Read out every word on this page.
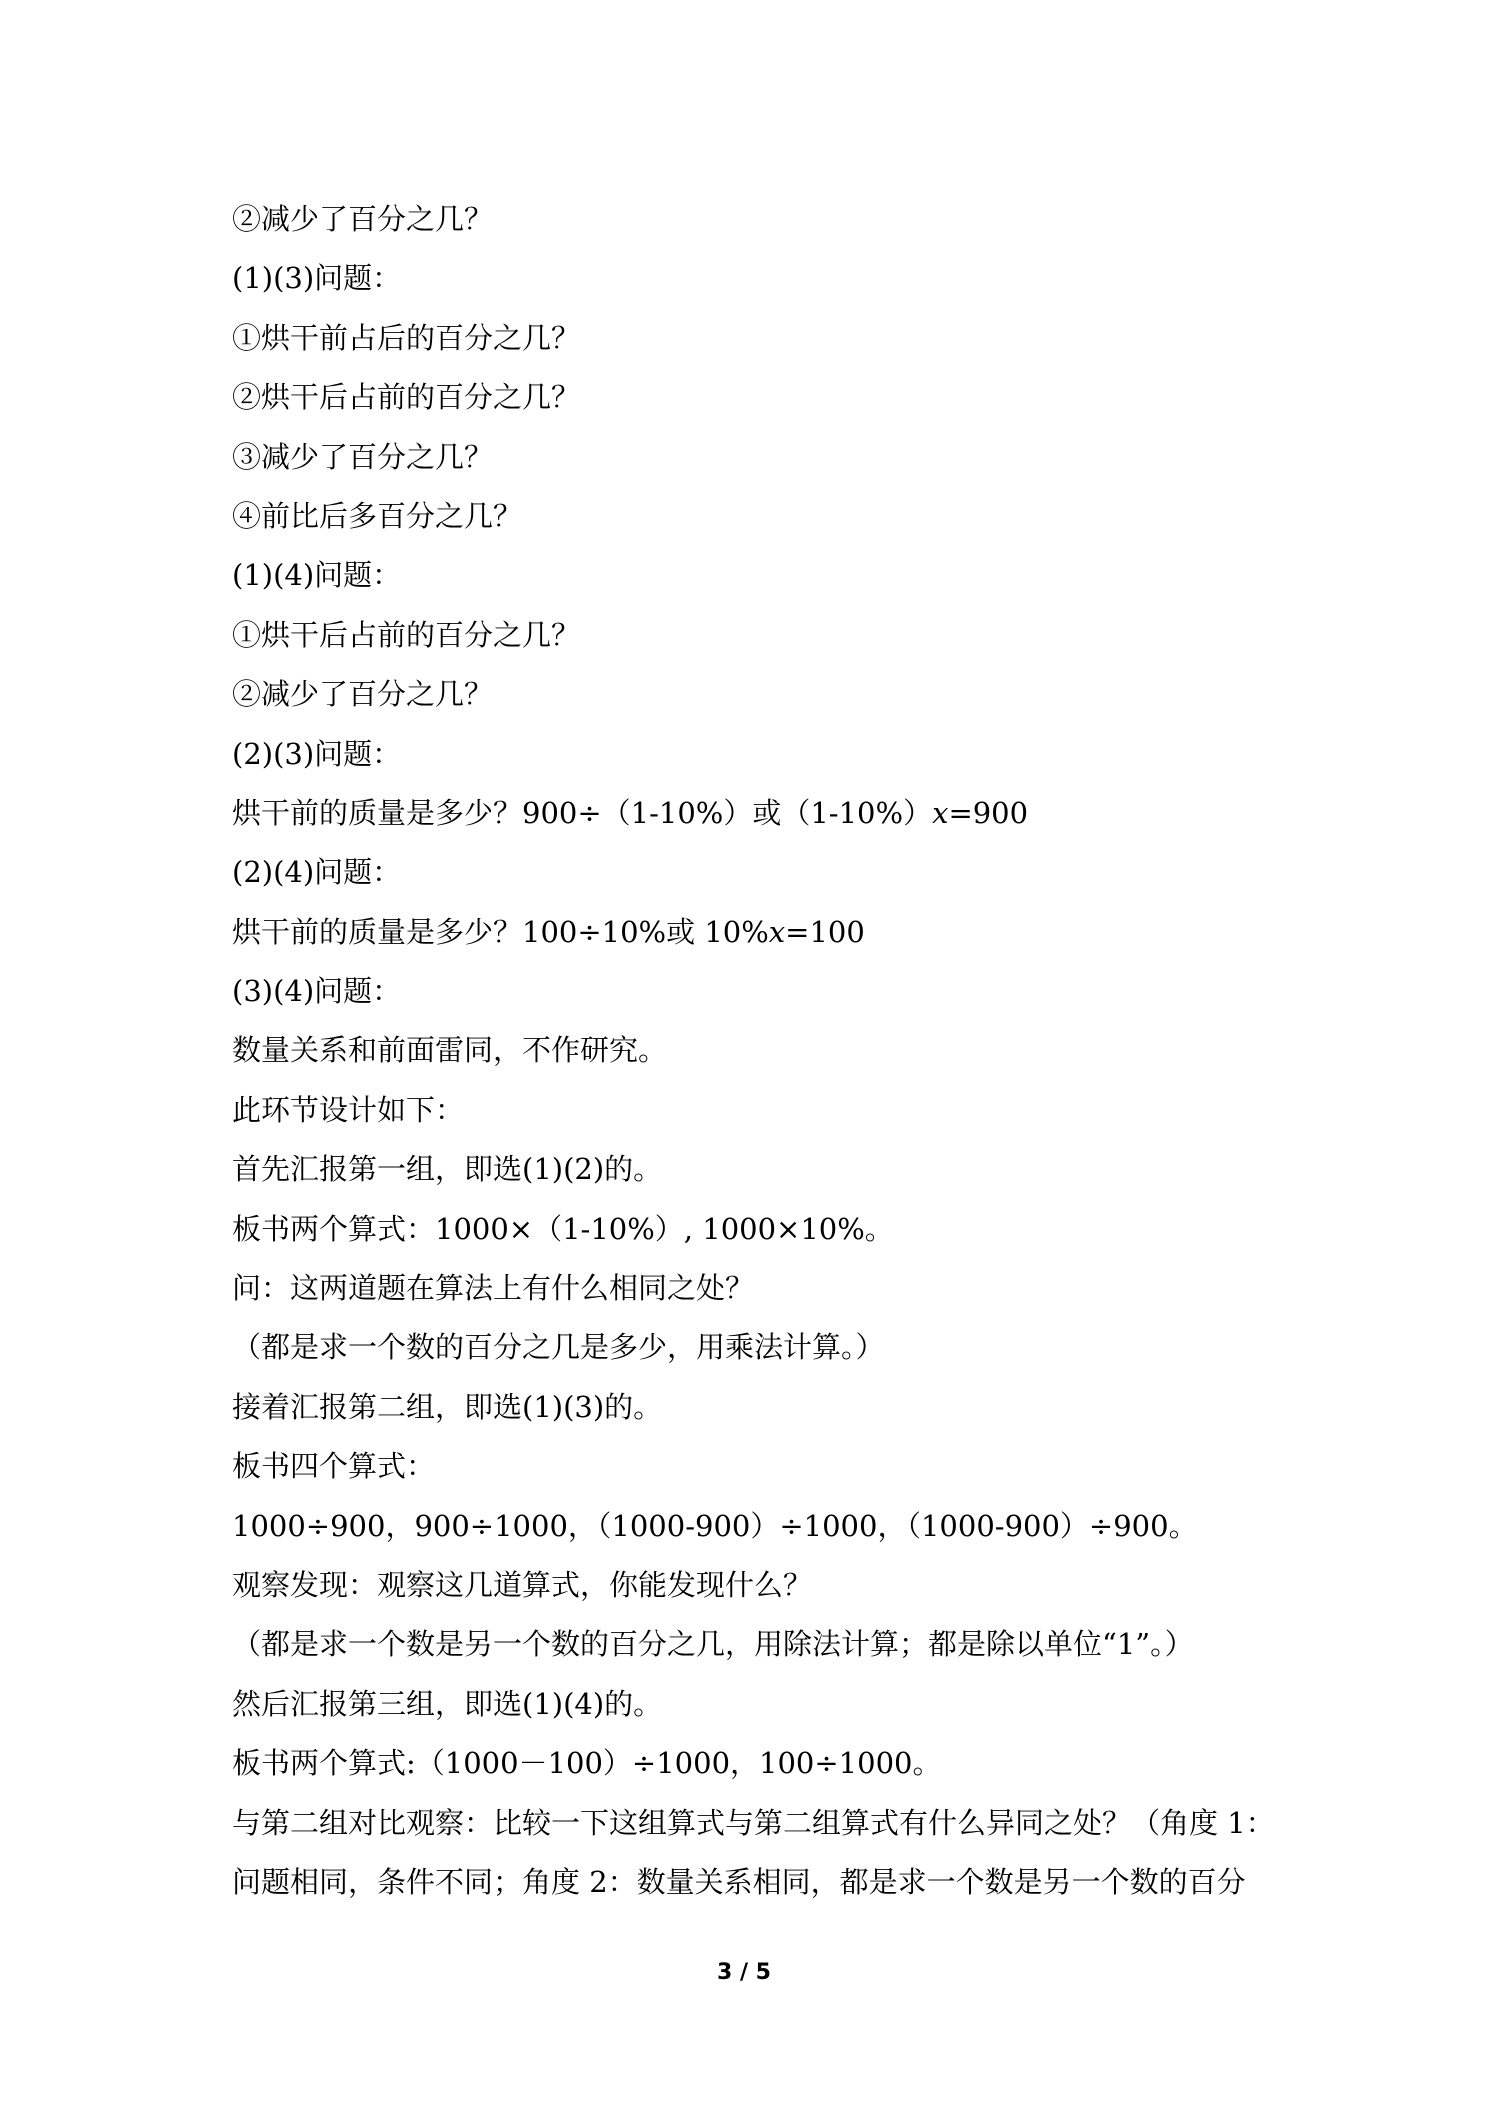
②减少了百分之几？
(1)(3)问题：
①烘干前占后的百分之几？
②烘干后占前的百分之几？
③减少了百分之几？
④前比后多百分之几？
(1)(4)问题：
①烘干后占前的百分之几？
②减少了百分之几？
(2)(3)问题：
烘干前的质量是多少？900÷（1-10%）或（1-10%）x=900
(2)(4)问题：
烘干前的质量是多少？100÷10%或 10%x=100
(3)(4)问题：
数量关系和前面雷同，不作研究。
此环节设计如下：
首先汇报第一组，即选(1)(2)的。
板书两个算式：1000×（1-10%）, 1000×10%。
问：这两道题在算法上有什么相同之处？
（都是求一个数的百分之几是多少，用乘法计算。）
接着汇报第二组，即选(1)(3)的。
板书四个算式：
1000÷900，900÷1000，（1000-900）÷1000，（1000-900）÷900。
观察发现：观察这几道算式，你能发现什么？
（都是求一个数是另一个数的百分之几，用除法计算；都是除以单位“1”。）
然后汇报第三组，即选(1)(4)的。
板书两个算式:（1000－100）÷1000，100÷1000。
与第二组对比观察：比较一下这组算式与第二组算式有什么异同之处？（角度 1：
问题相同，条件不同；角度 2：数量关系相同，都是求一个数是另一个数的百分
3 / 5
